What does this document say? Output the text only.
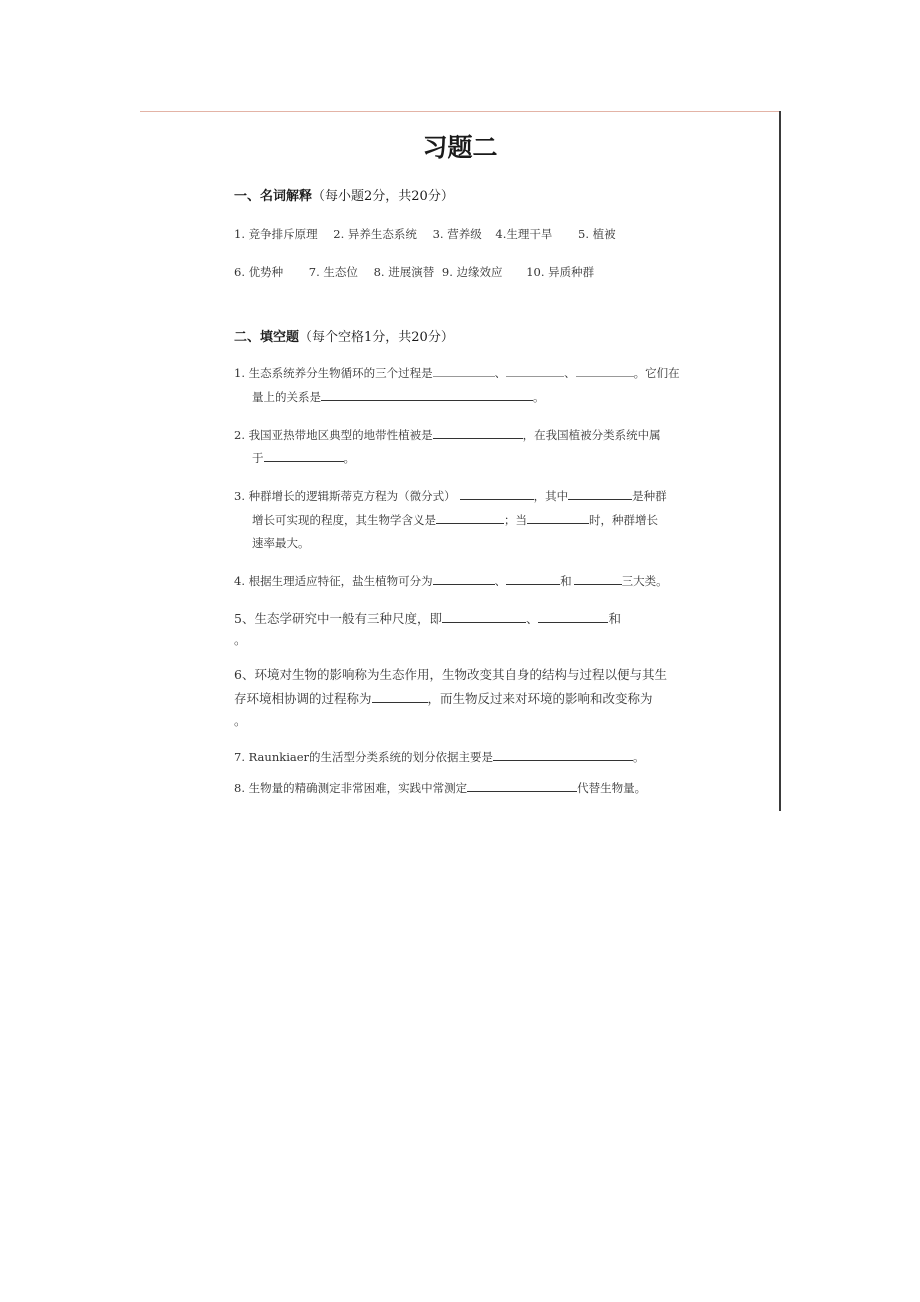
习题二
一、名词解释（每小题2分，共20分）
1. 竞争排斥原理 2. 异养生态系统 3. 营养级 4.生理干旱 5. 植被
6. 优势种 7. 生态位 8. 进展演替 9. 边缘效应 10. 异质种群
二、填空题（每个空格1分，共20分）
1. 生态系统养分生物循环的三个过程是	、	、	。它们在
量上的关系是	。
2. 我国亚热带地区典型的地带性植被是	，在我国植被分类系统中属
于	。
3. 种群增长的逻辑斯蒂克方程为（微分式）	，其中	是种群
增长可实现的程度，其生物学含义是	；当	时，种群增长
速率最大。
4. 根据生理适应特征，盐生植物可分为	、	和	三大类。
5、生态学研究中一般有三种尺度，即	、	和
。
6、环境对生物的影响称为生态作用，生物改变其自身的结构与过程以便与其生
存环境相协调的过程称为	，而生物反过来对环境的影响和改变称为
。
7. Raunkiaer的生活型分类系统的划分依据主要是	。
8. 生物量的精确测定非常困难，实践中常测定	代替生物量。
